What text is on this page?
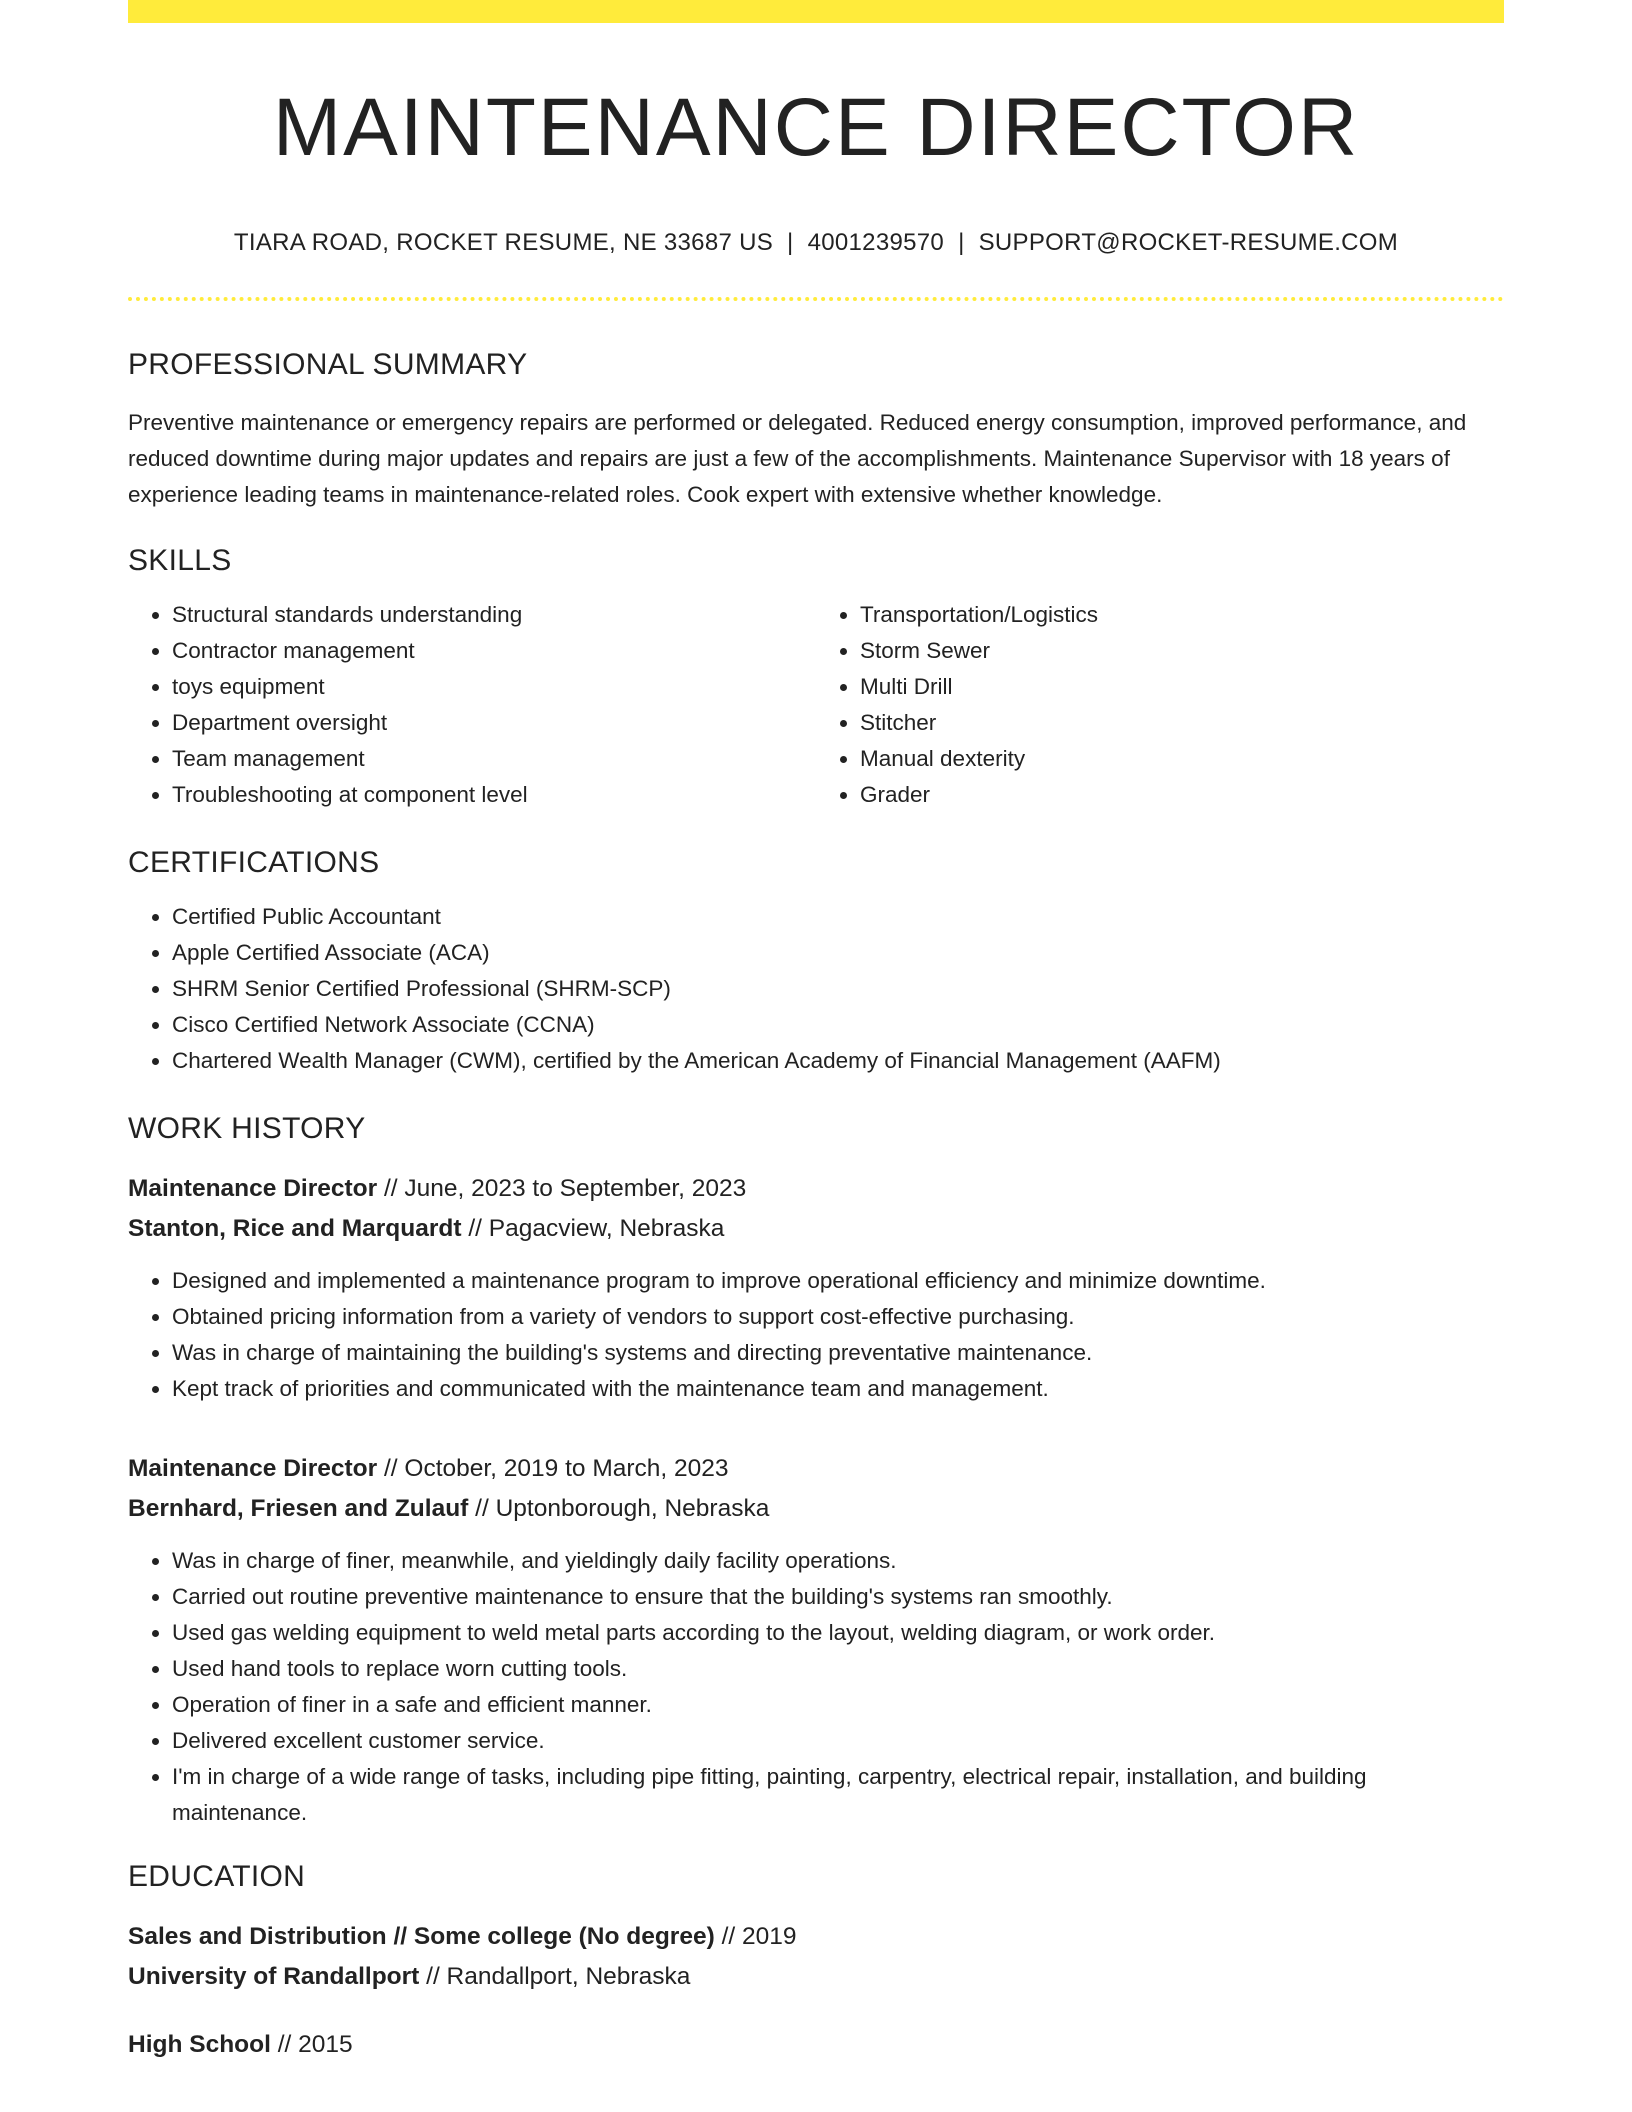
MAINTENANCE DIRECTOR
TIARA ROAD, ROCKET RESUME, NE 33687 US | 4001239570 | SUPPORT@ROCKET-RESUME.COM
PROFESSIONAL SUMMARY

Preventive maintenance or emergency repairs are performed or delegated. Reduced energy consumption, improved performance, and reduced downtime during major updates and repairs are just a few of the accomplishments. Maintenance Supervisor with 18 years of experience leading teams in maintenance-related roles. Cook expert with extensive whether knowledge.

SKILLS
• Structural standards understanding
• Contractor management
• toys equipment
• Department oversight
• Team management
• Troubleshooting at component level
• Transportation/Logistics
• Storm Sewer
• Multi Drill
• Stitcher
• Manual dexterity
• Grader
CERTIFICATIONS
• Certified Public Accountant
• Apple Certified Associate (ACA)
• SHRM Senior Certified Professional (SHRM-SCP)
• Cisco Certified Network Associate (CCNA)
• Chartered Wealth Manager (CWM), certified by the American Academy of Financial Management (AAFM)
WORK HISTORY

Maintenance Director // June, 2023 to September, 2023

Stanton, Rice and Marquardt // Pagacview, Nebraska

• Designed and implemented a maintenance program to improve operational efficiency and minimize downtime.
• Obtained pricing information from a variety of vendors to support cost-effective purchasing.
• Was in charge of maintaining the building's systems and directing preventative maintenance.
• Kept track of priorities and communicated with the maintenance team and management.

Maintenance Director // October, 2019 to March, 2023

Bernhard, Friesen and Zulauf // Uptonborough, Nebraska

• Was in charge of finer, meanwhile, and yieldingly daily facility operations.
• Carried out routine preventive maintenance to ensure that the building's systems ran smoothly.
• Used gas welding equipment to weld metal parts according to the layout, welding diagram, or work order.
• Used hand tools to replace worn cutting tools.
• Operation of finer in a safe and efficient manner.
• Delivered excellent customer service.
• I'm in charge of a wide range of tasks, including pipe fitting, painting, carpentry, electrical repair, installation, and building maintenance.
EDUCATION

Sales and Distribution // Some college (No degree) // 2019

University of Randallport // Randallport, Nebraska

High School // 2015
